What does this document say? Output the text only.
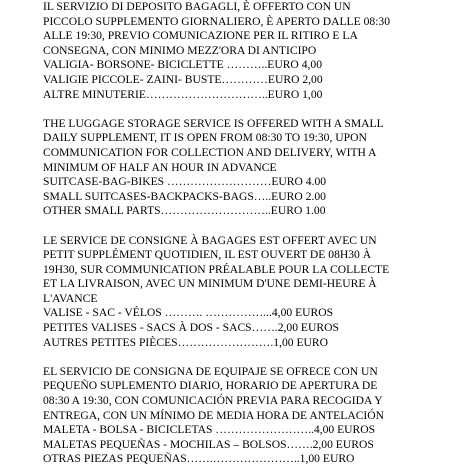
IL SERVIZIO DI DEPOSITO BAGAGLI, È OFFERTO CON UN
PICCOLO SUPPLEMENTO GIORNALIERO, È APERTO DALLE 08:30
ALLE 19:30, PREVIO COMUNICAZIONE PER IL RITIRO E LA
CONSEGNA, CON MINIMO MEZZ'ORA DI ANTICIPO
VALIGIA- BORSONE- BICICLETTE ………..EURO 4,00
VALIGIE PICCOLE- ZAINI- BUSTE…………EURO 2,00
ALTRE MINUTERIE…………………………..EURO 1,00
THE LUGGAGE STORAGE SERVICE IS OFFERED WITH A SMALL
DAILY SUPPLEMENT, IT IS OPEN FROM 08:30 TO 19:30, UPON
COMMUNICATION FOR COLLECTION AND DELIVERY, WITH A
MINIMUM OF HALF AN HOUR IN ADVANCE
SUITCASE-BAG-BIKES ………………………EURO 4.00
SMALL SUITCASES-BACKPACKS-BAGS…..EURO 2.00
OTHER SMALL PARTS………………………..EURO 1.00
LE SERVICE DE CONSIGNE À BAGAGES EST OFFERT AVEC UN
PETIT SUPPLÉMENT QUOTIDIEN, IL EST OUVERT DE 08H30 À
19H30, SUR COMMUNICATION PRÉALABLE POUR LA COLLECTE
ET LA LIVRAISON, AVEC UN MINIMUM D'UNE DEMI-HEURE À
L'AVANCE
VALISE - SAC - VÉLOS ………. ……………...4,00 EUROS
PETITES VALISES - SACS À DOS - SACS…….2,00 EUROS
AUTRES PETITES PIÈCES…………………….1,00 EURO
EL SERVICIO DE CONSIGNA DE EQUIPAJE SE OFRECE CON UN
PEQUEÑO SUPLEMENTO DIARIO, HORARIO DE APERTURA DE
08:30 A 19:30, CON COMUNICACIÓN PREVIA PARA RECOGIDA Y
ENTREGA, CON UN MÍNIMO DE MEDIA HORA DE ANTELACIÓN
MALETA - BOLSA - BICICLETAS ……………………..4,00 EUROS
MALETAS PEQUEÑAS - MOCHILAS – BOLSOS…….2,00 EUROS
OTRAS PIEZAS PEQUEÑAS…….…………………..1,00 EURO
